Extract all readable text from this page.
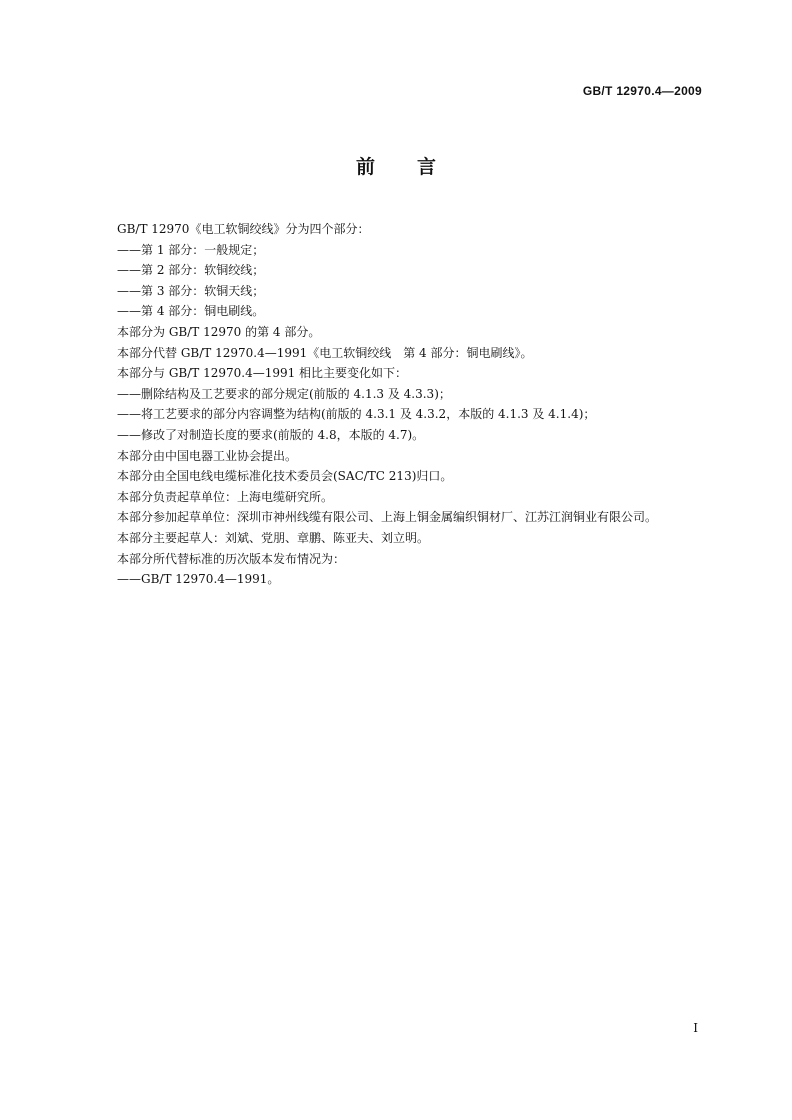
GB/T 12970.4—2009
前言
GB/T 12970《电工软铜绞线》分为四个部分：
——第 1 部分：一般规定；
——第 2 部分：软铜绞线；
——第 3 部分：软铜天线；
——第 4 部分：铜电刷线。
本部分为 GB/T 12970 的第 4 部分。
本部分代替 GB/T 12970.4—1991《电工软铜绞线　第 4 部分：铜电刷线》。
本部分与 GB/T 12970.4—1991 相比主要变化如下：
——删除结构及工艺要求的部分规定(前版的 4.1.3 及 4.3.3)；
——将工艺要求的部分内容调整为结构(前版的 4.3.1 及 4.3.2，本版的 4.1.3 及 4.1.4)；
——修改了对制造长度的要求(前版的 4.8，本版的 4.7)。
本部分由中国电器工业协会提出。
本部分由全国电线电缆标准化技术委员会(SAC/TC 213)归口。
本部分负责起草单位：上海电缆研究所。
本部分参加起草单位：深圳市神州线缆有限公司、上海上铜金属编织铜材厂、江苏江润铜业有限公司。
本部分主要起草人：刘斌、党朋、章鹏、陈亚夫、刘立明。
本部分所代替标准的历次版本发布情况为：
——GB/T 12970.4—1991。
I
